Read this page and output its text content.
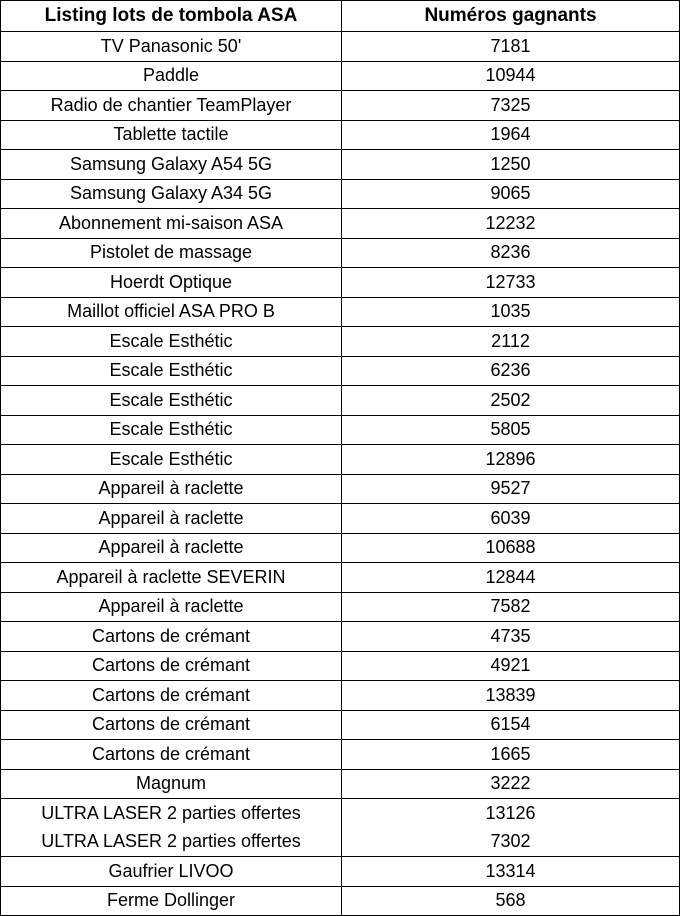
Listing lots de tombola ASA	Numéros gagnants
TV Panasonic 50'	7181
Paddle	10944
Radio de chantier TeamPlayer	7325
Tablette tactile	1964
Samsung Galaxy A54 5G	1250
Samsung Galaxy A34 5G	9065
Abonnement mi-saison ASA	12232
Pistolet de massage	8236
Hoerdt Optique	12733
Maillot officiel ASA PRO B	1035
Escale Esthétic	2112
Escale Esthétic	6236
Escale Esthétic	2502
Escale Esthétic	5805
Escale Esthétic	12896
Appareil à raclette	9527
Appareil à raclette	6039
Appareil à raclette	10688
Appareil à raclette SEVERIN	12844
Appareil à raclette	7582
Cartons de crémant	4735
Cartons de crémant	4921
Cartons de crémant	13839
Cartons de crémant	6154
Cartons de crémant	1665
Magnum	3222
ULTRA LASER 2 parties offertes	13126
ULTRA LASER 2 parties offertes	7302
Gaufrier LIVOO	13314
Ferme Dollinger	568
